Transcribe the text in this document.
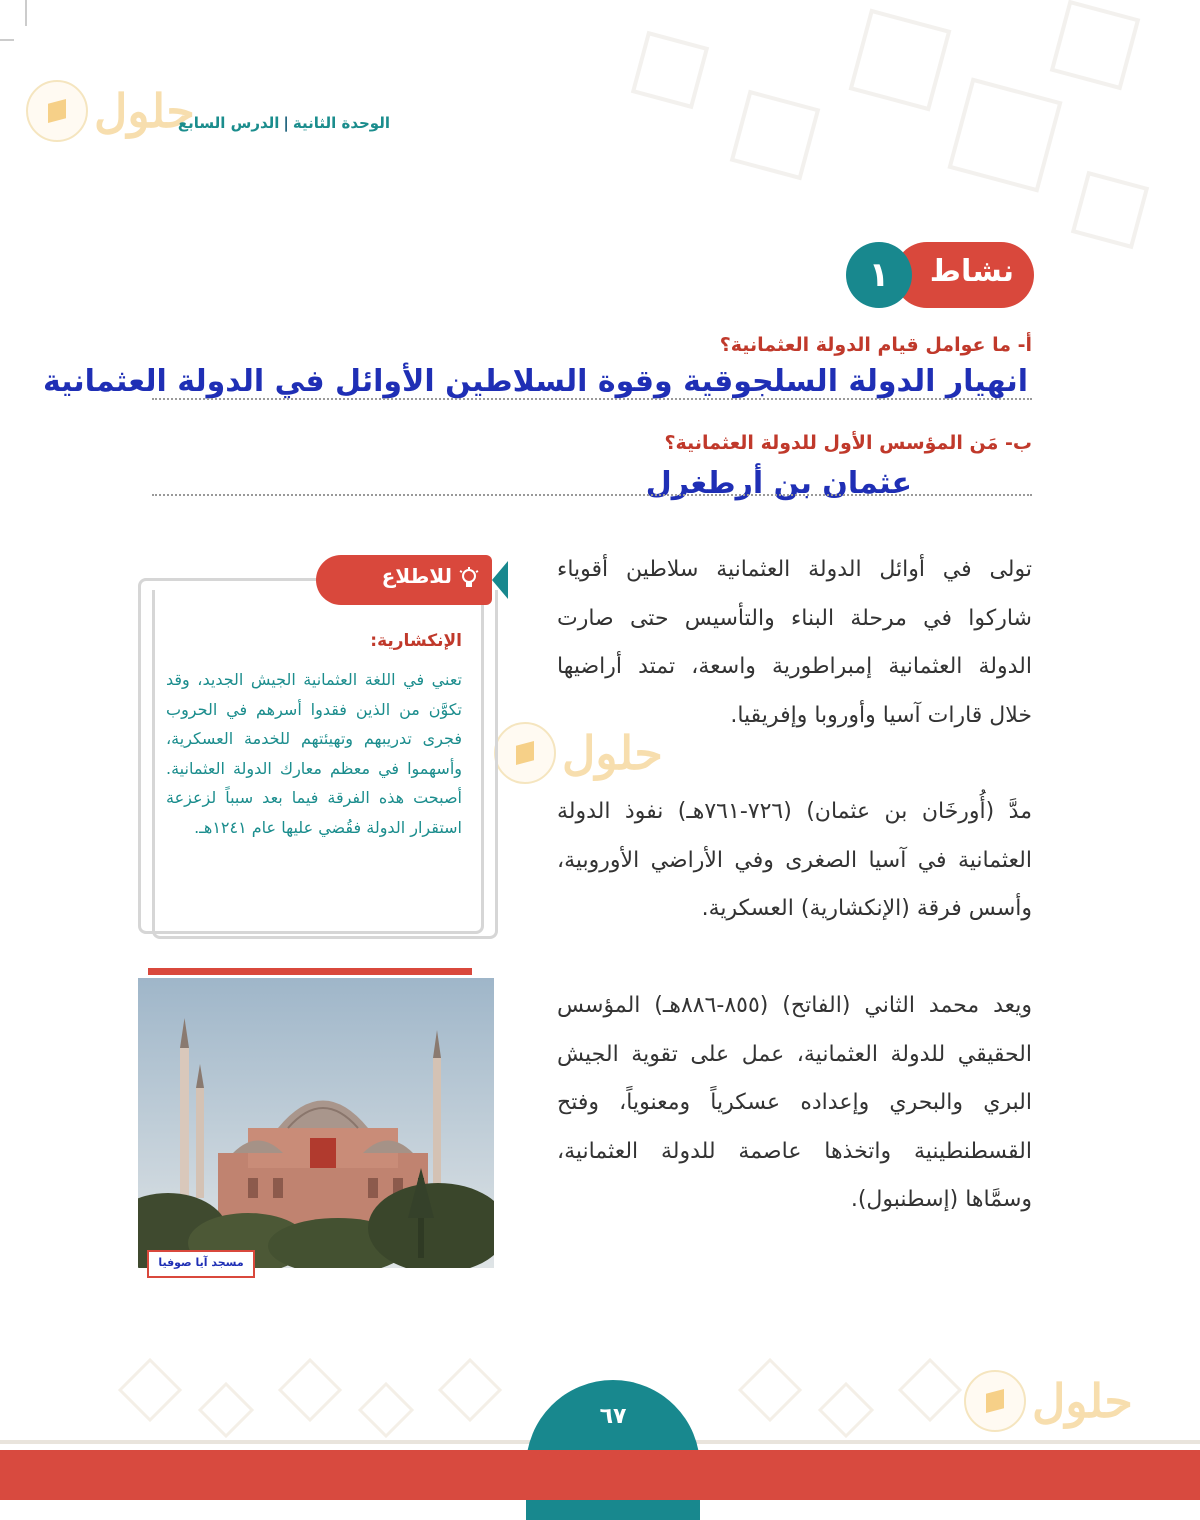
حلول
حلول
حلول
الوحدة الثانية|الدرس السابع
نشاط
١
أ- ما عوامل قيام الدولة العثمانية؟
انهيار الدولة السلجوقية وقوة السلاطين الأوائل في الدولة العثمانية
ب- مَن المؤسس الأول للدولة العثمانية؟
عثمان بن أرطغرل

تولى في أوائل الدولة العثمانية سلاطين أقوياء شاركوا في مرحلة البناء والتأسيس حتى صارت الدولة العثمانية إمبراطورية واسعة، تمتد أراضيها خلال قارات آسيا وأوروبا وإفريقيا.

مدَّ (أُورخَان بن عثمان) (٧٢٦-٧٦١هـ) نفوذ الدولة العثمانية في آسيا الصغرى وفي الأراضي الأوروبية، وأسس فرقة (الإنكشارية) العسكرية.

ويعد محمد الثاني (الفاتح) (٨٥٥-٨٨٦هـ) المؤسس الحقيقي للدولة العثمانية، عمل على تقوية الجيش البري والبحري وإعداده عسكرياً ومعنوياً، وفتح القسطنطينية واتخذها عاصمة للدولة العثمانية، وسمَّاها (إسطنبول).

للاطلاع
الإنكشارية:

تعني في اللغة العثمانية الجيش الجديد، وقد تكوَّن من الذين فقدوا أسرهم في الحروب فجرى تدريبهم وتهيئتهم للخدمة العسكرية، وأسهموا في معظم معارك الدولة العثمانية. أصبحت هذه الفرقة فيما بعد سبباً لزعزعة استقرار الدولة فقُضي عليها عام ١٢٤١هـ.

مسجد آيا صوفيا
٦٧
